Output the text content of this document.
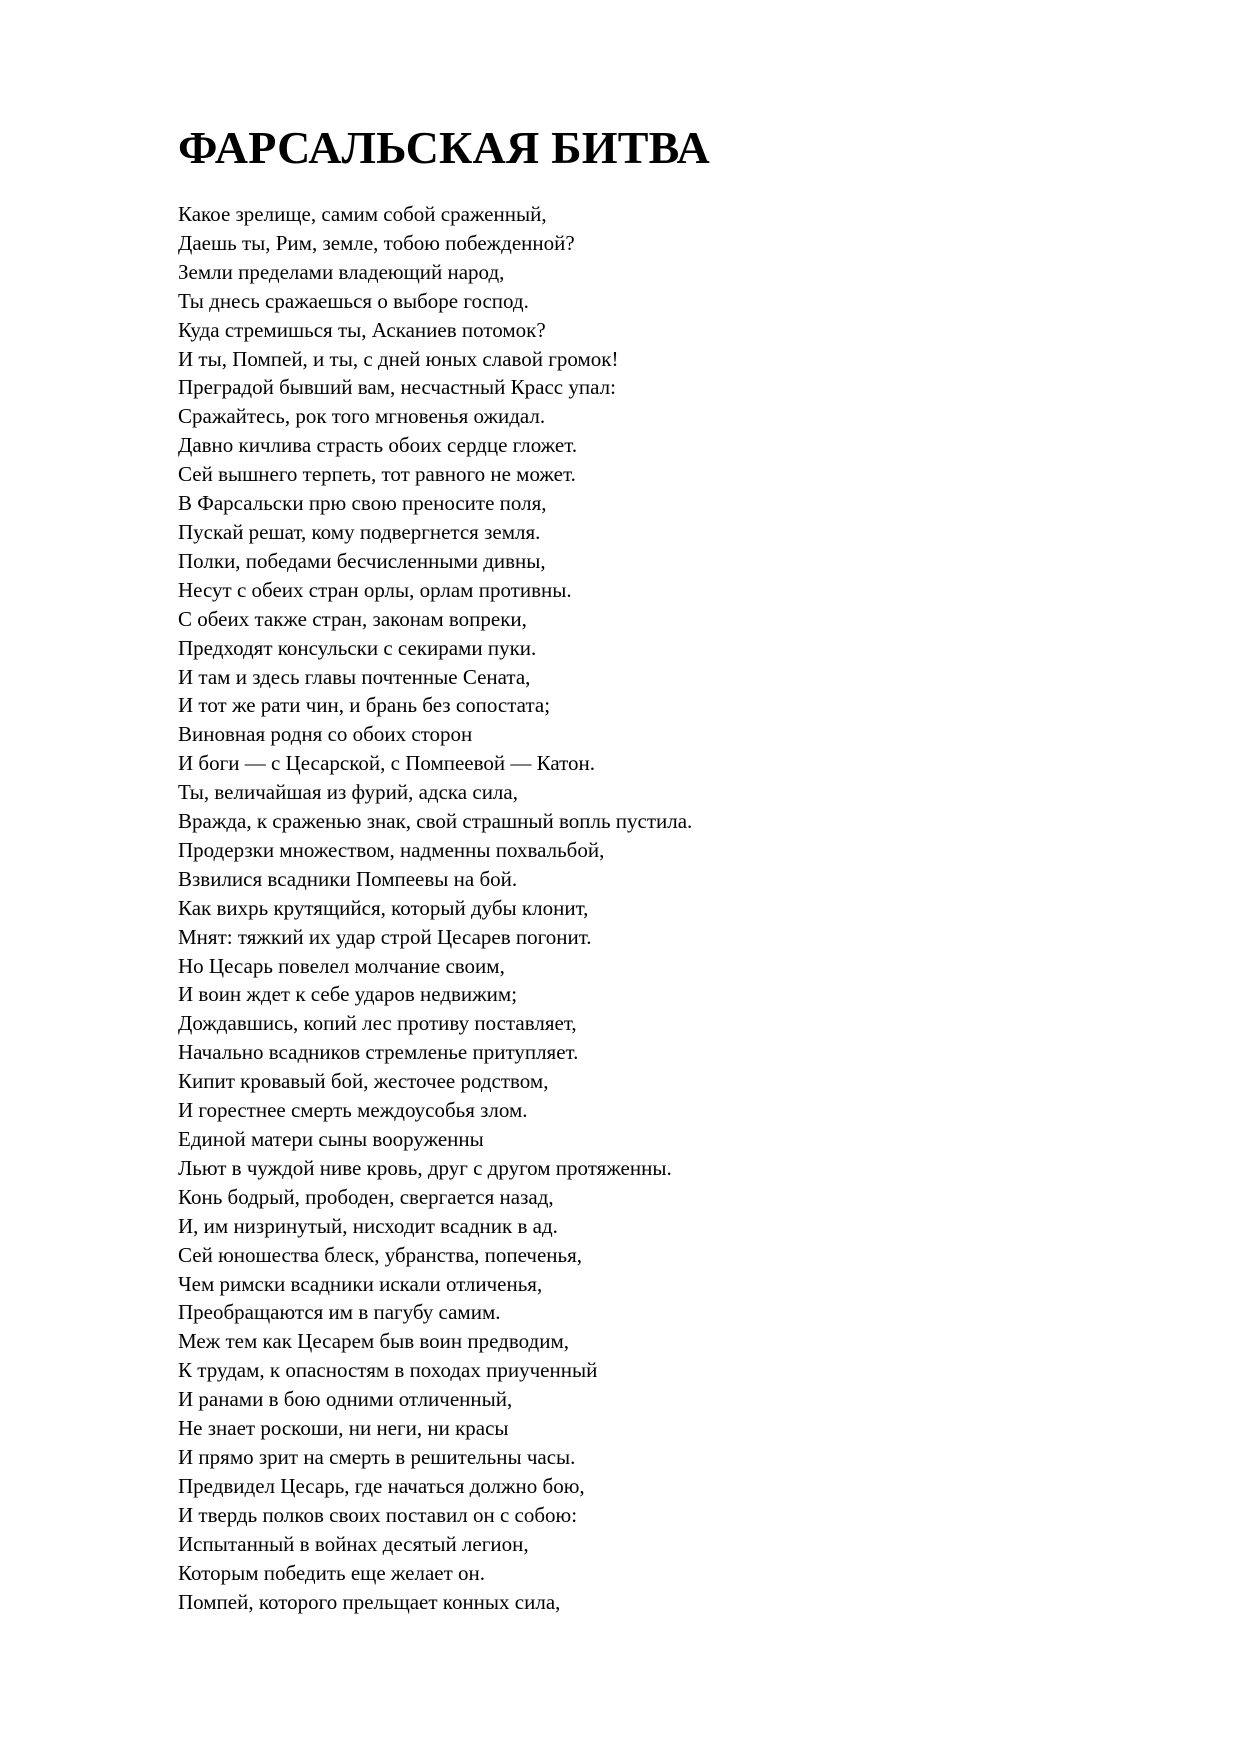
ФАРСАЛЬСКАЯ БИТВА
Какое зрелище, самим собой сраженный,
Даешь ты, Рим, земле, тобою побежденной?
Земли пределами владеющий народ,
Ты днесь сражаешься о выборе господ.
Куда стремишься ты, Асканиев потомок?
И ты, Помпей, и ты, с дней юных славой громок!
Преградой бывший вам, несчастный Красс упал:
Сражайтесь, рок того мгновенья ожидал.
Давно кичлива страсть обоих сердце гложет.
Сей вышнего терпеть, тот равного не может.
В Фарсальски прю свою преносите поля,
Пускай решат, кому подвергнется земля.
Полки, победами бесчисленными дивны,
Несут с обеих стран орлы, орлам противны.
С обеих также стран, законам вопреки,
Предходят консульски с секирами пуки.
И там и здесь главы почтенные Сената,
И тот же рати чин, и брань без сопостата;
Виновная родня со обоих сторон
И боги — с Цесарской, с Помпеевой — Катон.
Ты, величайшая из фурий, адска сила,
Вражда, к сраженью знак, свой страшный вопль пустила.
Продерзки множеством, надменны похвальбой,
Взвилися всадники Помпеевы на бой.
Как вихрь крутящийся, который дубы клонит,
Мнят: тяжкий их удар строй Цесарев погонит.
Но Цесарь повелел молчание своим,
И воин ждет к себе ударов недвижим;
Дождавшись, копий лес противу поставляет,
Начально всадников стремленье притупляет.
Кипит кровавый бой, жесточее родством,
И горестнее смерть междоусобья злом.
Единой матери сыны вооруженны
Льют в чуждой ниве кровь, друг с другом протяженны.
Конь бодрый, прободен, свергается назад,
И, им низринутый, нисходит всадник в ад.
Сей юношества блеск, убранства, попеченья,
Чем римски всадники искали отличенья,
Преобращаются им в пагубу самим.
Меж тем как Цесарем быв воин предводим,
К трудам, к опасностям в походах приученный
И ранами в бою одними отличенный,
Не знает роскоши, ни неги, ни красы
И прямо зрит на смерть в решительны часы.
Предвидел Цесарь, где начаться должно бою,
И твердь полков своих поставил он с собою:
Испытанный в войнах десятый легион,
Которым победить еще желает он.
Помпей, которого прельщает конных сила,
